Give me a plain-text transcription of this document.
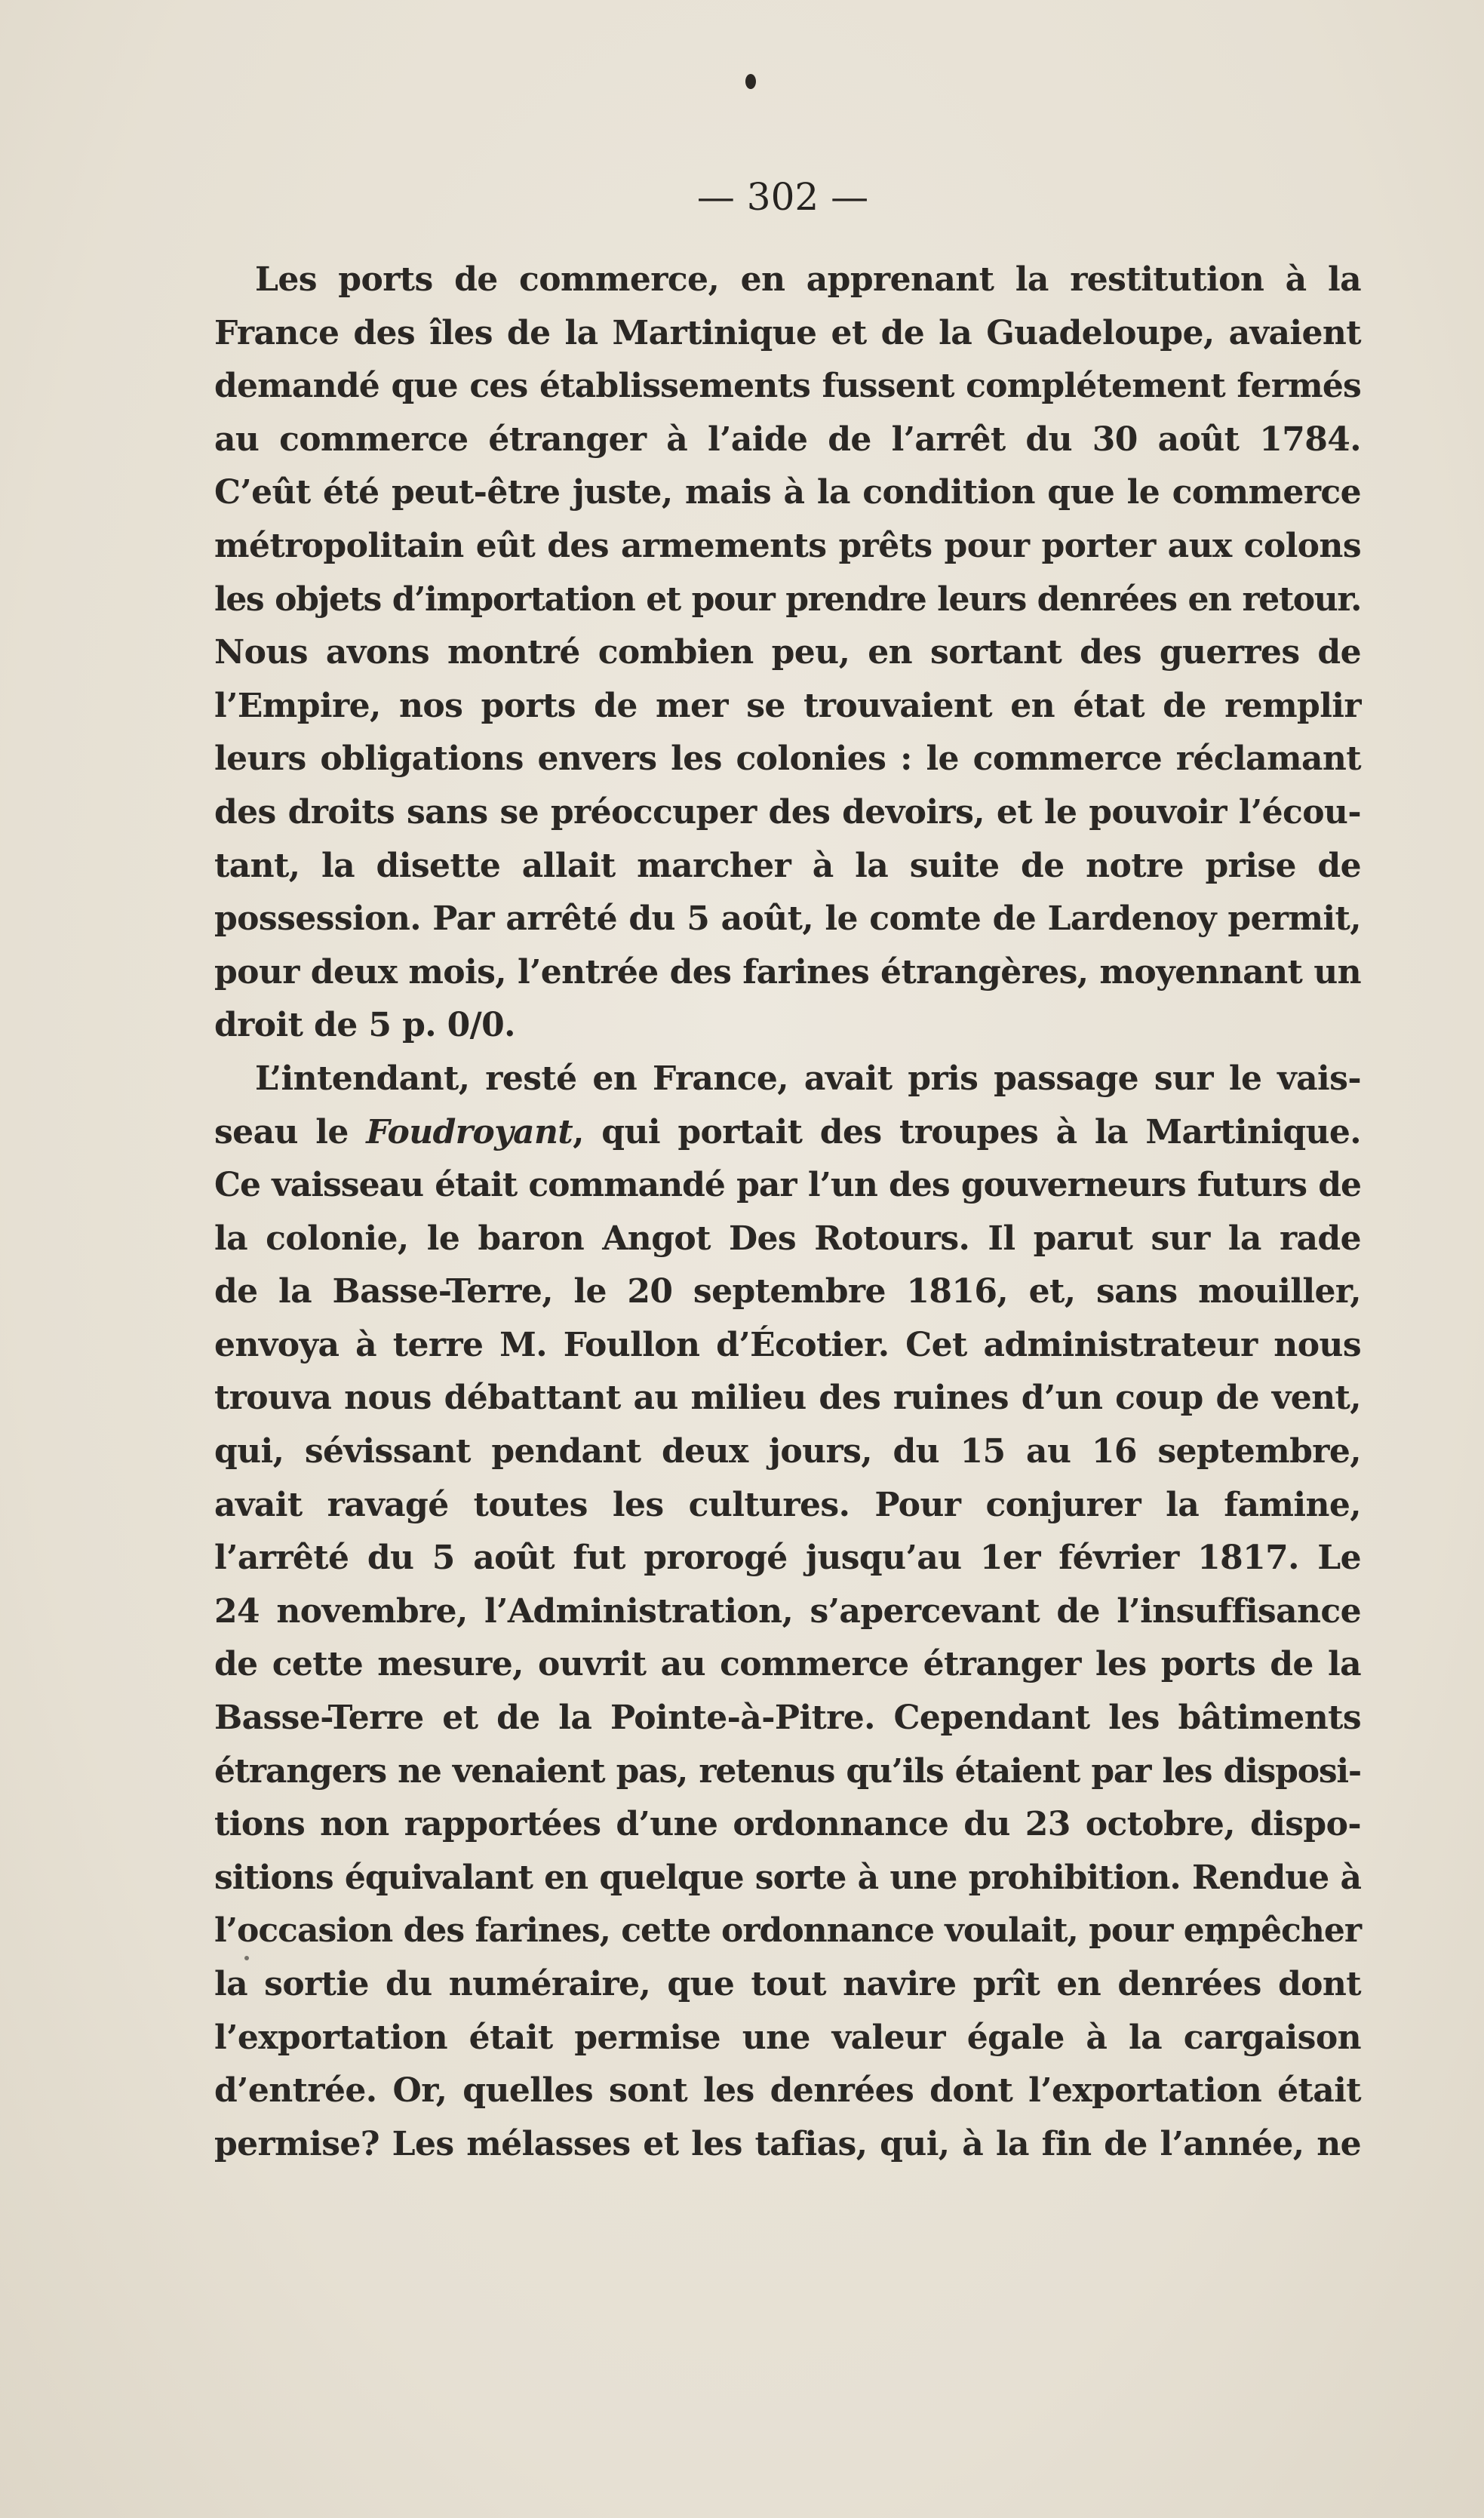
— 302 —
Les ports de commerce, en apprenant la restitution à la
France des îles de la Martinique et de la Guadeloupe, avaient
demandé que ces établissements fussent complétement fermés
au commerce étranger à l’aide de l’arrêt du 30 août 1784.
C’eût été peut-être juste, mais à la condition que le commerce
métropolitain eût des armements prêts pour porter aux colons
les objets d’importation et pour prendre leurs denrées en retour.
Nous avons montré combien peu, en sortant des guerres de
l’Empire, nos ports de mer se trouvaient en état de remplir
leurs obligations envers les colonies : le commerce réclamant
des droits sans se préoccuper des devoirs, et le pouvoir l’écou-
tant, la disette allait marcher à la suite de notre prise de
possession. Par arrêté du 5 août, le comte de Lardenoy permit,
pour deux mois, l’entrée des farines étrangères, moyennant un
droit de 5 p. 0/0.
L’intendant, resté en France, avait pris passage sur le vais-
seau le Foudroyant, qui portait des troupes à la Martinique.
Ce vaisseau était commandé par l’un des gouverneurs futurs de
la colonie, le baron Angot Des Rotours. Il parut sur la rade
de la Basse-Terre, le 20 septembre 1816, et, sans mouiller,
envoya à terre M. Foullon d’Écotier. Cet administrateur nous
trouva nous débattant au milieu des ruines d’un coup de vent,
qui, sévissant pendant deux jours, du 15 au 16 septembre,
avait ravagé toutes les cultures. Pour conjurer la famine,
l’arrêté du 5 août fut prorogé jusqu’au 1er février 1817. Le
24 novembre, l’Administration, s’apercevant de l’insuffisance
de cette mesure, ouvrit au commerce étranger les ports de la
Basse-Terre et de la Pointe-à-Pitre. Cependant les bâtiments
étrangers ne venaient pas, retenus qu’ils étaient par les disposi-
tions non rapportées d’une ordonnance du 23 octobre, dispo-
sitions équivalant en quelque sorte à une prohibition. Rendue à
l’occasion des farines, cette ordonnance voulait, pour empêcher
la sortie du numéraire, que tout navire prît en denrées dont
l’exportation était permise une valeur égale à la cargaison
d’entrée. Or, quelles sont les denrées dont l’exportation était
permise? Les mélasses et les tafias, qui, à la fin de l’année, ne
